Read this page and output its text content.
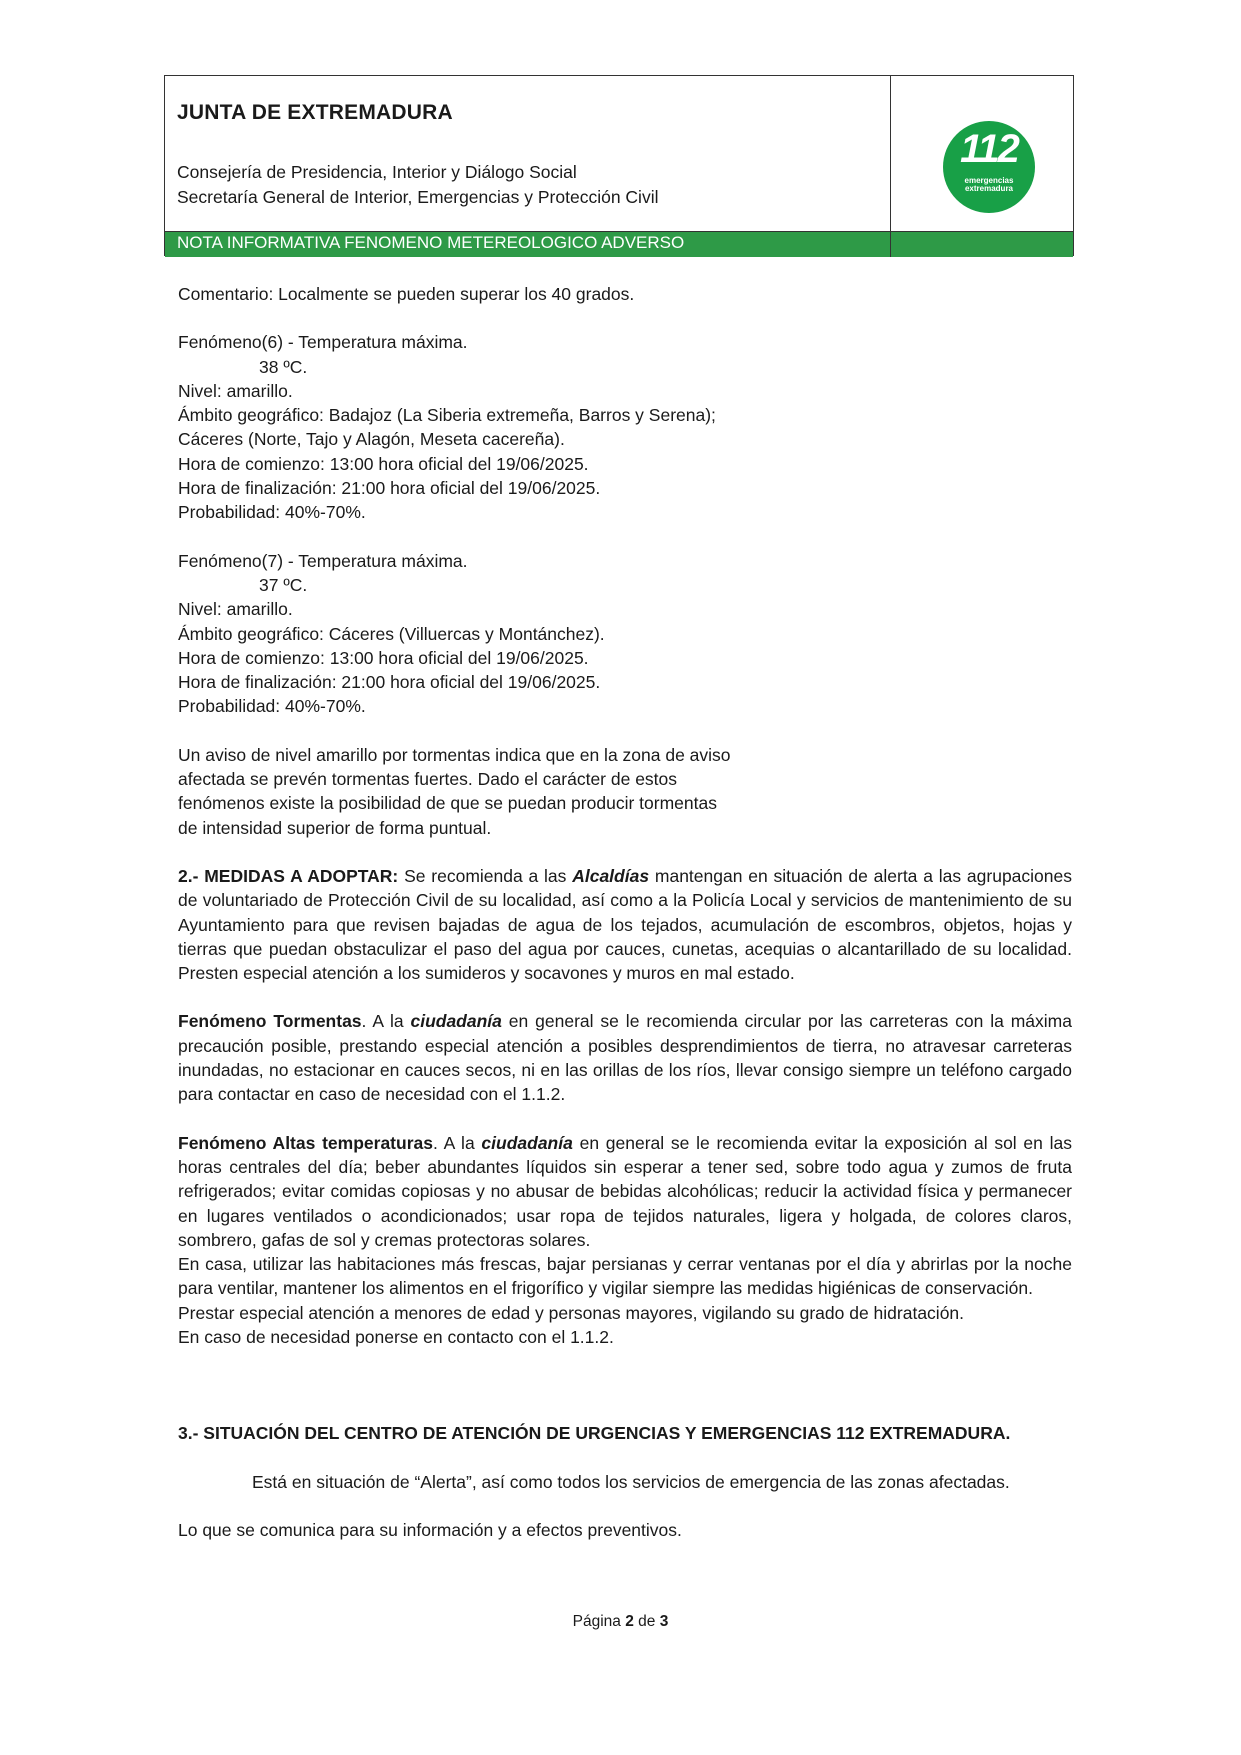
JUNTA DE EXTREMADURA
Consejería de Presidencia, Interior y Diálogo Social
Secretaría General de Interior, Emergencias y Protección Civil
112
emergencias
extremadura
NOTA INFORMATIVA FENOMENO METEREOLOGICO ADVERSO
Comentario: Localmente se pueden superar los 40 grados.
Fenómeno(6) - Temperatura máxima.
38 ºC.
Nivel: amarillo.
Ámbito geográfico: Badajoz (La Siberia extremeña, Barros y Serena);
Cáceres (Norte, Tajo y Alagón, Meseta cacereña).
Hora de comienzo: 13:00 hora oficial del 19/06/2025.
Hora de finalización: 21:00 hora oficial del 19/06/2025.
Probabilidad: 40%-70%.
Fenómeno(7) - Temperatura máxima.
37 ºC.
Nivel: amarillo.
Ámbito geográfico: Cáceres (Villuercas y Montánchez).
Hora de comienzo: 13:00 hora oficial del 19/06/2025.
Hora de finalización: 21:00 hora oficial del 19/06/2025.
Probabilidad: 40%-70%.
Un aviso de nivel amarillo por tormentas indica que en la zona de aviso afectada se prevén tormentas fuertes. Dado el carácter de estos fenómenos existe la posibilidad de que se puedan producir tormentas de intensidad superior de forma puntual.
2.- MEDIDAS A ADOPTAR: Se recomienda a las Alcaldías mantengan en situación de alerta a las agrupaciones de voluntariado de Protección Civil de su localidad, así como a la Policía Local y servicios de mantenimiento de su Ayuntamiento para que revisen bajadas de agua de los tejados, acumulación de escombros, objetos, hojas y tierras que puedan obstaculizar el paso del agua por cauces, cunetas, acequias o alcantarillado de su localidad. Presten especial atención a los sumideros y socavones y muros en mal estado.
Fenómeno Tormentas. A la ciudadanía en general se le recomienda circular por las carreteras con la máxima precaución posible, prestando especial atención a posibles desprendimientos de tierra, no atravesar carreteras inundadas, no estacionar en cauces secos, ni en las orillas de los ríos, llevar consigo siempre un teléfono cargado para contactar en caso de necesidad con el 1.1.2.
Fenómeno Altas temperaturas. A la ciudadanía en general se le recomienda evitar la exposición al sol en las horas centrales del día; beber abundantes líquidos sin esperar a tener sed, sobre todo agua y zumos de fruta refrigerados; evitar comidas copiosas y no abusar de bebidas alcohólicas; reducir la actividad física y permanecer en lugares ventilados o acondicionados; usar ropa de tejidos naturales, ligera y holgada, de colores claros, sombrero, gafas de sol y cremas protectoras solares.
En casa, utilizar las habitaciones más frescas, bajar persianas y cerrar ventanas por el día y abrirlas por la noche para ventilar, mantener los alimentos en el frigorífico y vigilar siempre las medidas higiénicas de conservación.
Prestar especial atención a menores de edad y personas mayores, vigilando su grado de hidratación.
En caso de necesidad ponerse en contacto con el 1.1.2.
3.- SITUACIÓN DEL CENTRO DE ATENCIÓN DE URGENCIAS Y EMERGENCIAS 112 EXTREMADURA.
Está en situación de “Alerta”, así como todos los servicios de emergencia de las zonas afectadas.
Lo que se comunica para su información y a efectos preventivos.
Página 2 de 3
